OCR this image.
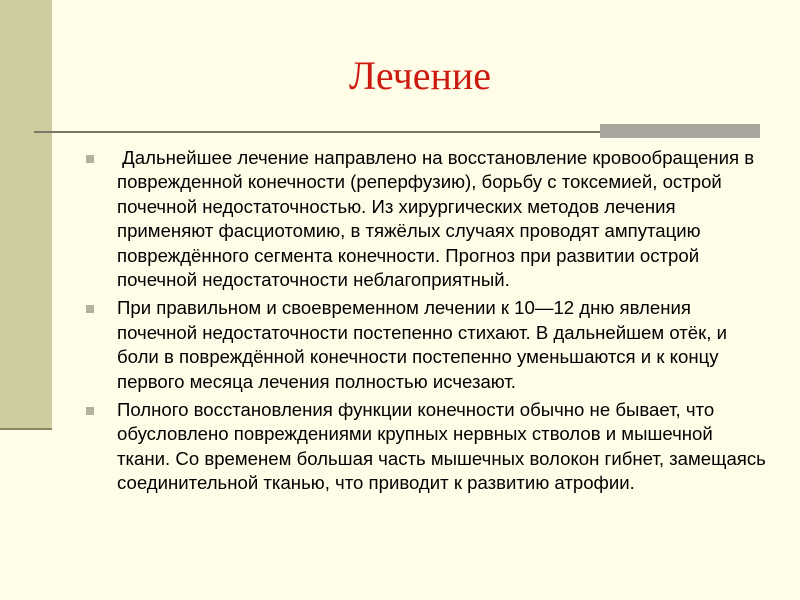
Лечение
Дальнейшее лечение направлено на восстановление кровообращения в поврежденной конечности (реперфузию), борьбу с токсемией, острой почечной недостаточностью. Из хирургических методов лечения применяют фасциотомию, в тяжёлых случаях проводят ампутацию повреждённого сегмента конечности. Прогноз при развитии острой почечной недостаточности неблагоприятный.
При правильном и своевременном лечении к 10—12 дню явления почечной недостаточности постепенно стихают. В дальнейшем отёк, и боли в повреждённой конечности постепенно уменьшаются и к концу первого месяца лечения полностью исчезают.
Полного восстановления функции конечности обычно не бывает, что обусловлено повреждениями крупных нервных стволов и мышечной ткани. Со временем большая часть мышечных волокон гибнет, замещаясь соединительной тканью, что приводит к развитию атрофии.
